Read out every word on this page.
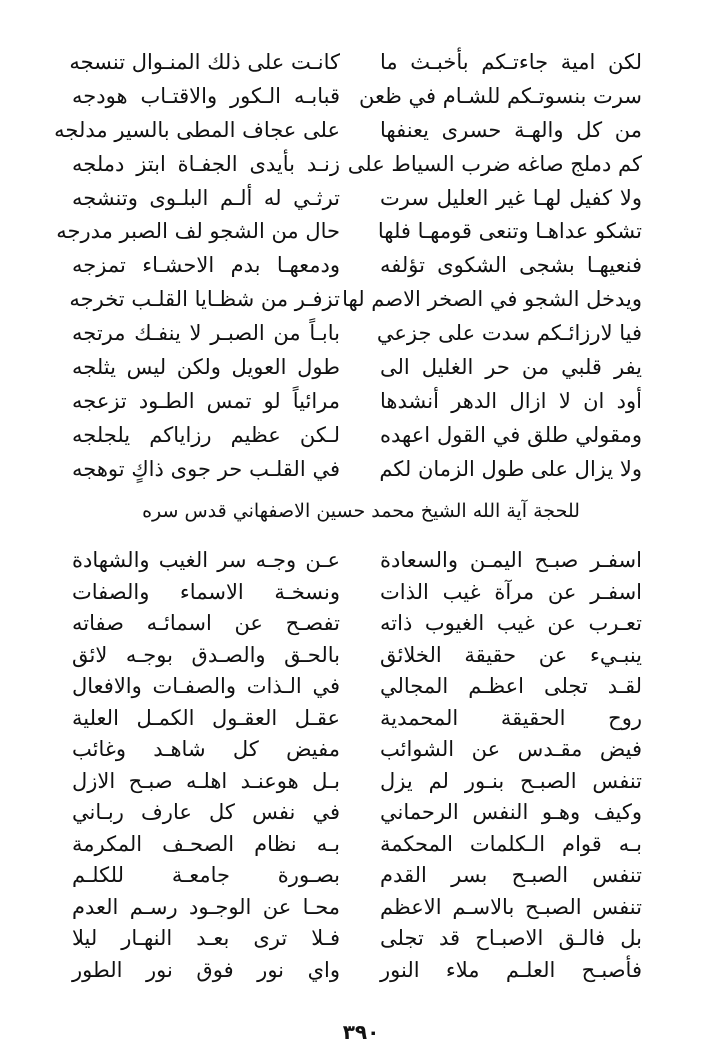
لكن امية جاءتـكم بأخبـث ما
سرت بنسوتـكم للشـام في ظعن
من كل والهـة حسرى يعنفها
كم دملج صاغه ضرب السياط على
ولا كفيل لهـا غير العليل سرت
تشكو عداهـا وتنعى قومهـا فلها
فنعيهـا بشجى الشكوى تؤلفه
ويدخل الشجو في الصخر الاصم لها
فيا لارزائـكم سدت على جزعي
يفر قلبي من حر الغليل الى
أود ان لا ازال الدهر أنشدها
ومقولي طلق في القول اعهده
ولا يزال على طول الزمان لكم
كانـت على ذلك المنـوال تنسجه
قبابـه الـكور والاقتـاب هودجه
على عجاف المطى بالسير مدلجه
زنـد بأيدى الجفـاة ابتز دملجه
ترثـي له ألـم البلـوى وتنشجه
حال من الشجو لف الصبر مدرجه
ودمعهـا بدم الاحشـاء تمزجه
تزفـر من شظـايا القلـب تخرجه
بابـاً من الصبـر لا ينفـك مرتجه
طول العويل ولكن ليس يثلجه
مرائياً لو تمس الطـود تزعجه
لـكن عظيم رزاياكم يلجلجه
في القلـب حر جوى ذاكٍ توهجه
للحجة آية الله الشيخ محمد حسين الاصفهاني قدس سره
اسفـر صبـح اليمـن والسعادة
اسفـر عن مرآة غيب الذات
تعـرب عن غيب الغيوب ذاته
ينبـيء عن حقيقة الخلائق
لقـد تجلى اعظـم المجالي
روح الحقيقة المحمدية
فيض مقـدس عن الشوائب
تنفس الصبـح بنـور لم يزل
وكيف وهـو النفس الرحماني
بـه قوام الـكلمات المحكمة
تنفس الصبـح بسر القدم
تنفس الصبـح بالاسـم الاعظم
بل فالـق الاصبـاح قد تجلى
فأصبـح العلـم ملاء النور
عـن وجـه سر الغيب والشهادة
ونسخـة الاسماء والصفات
تفصـح عن اسمائـه صفاته
بالحـق والصـدق بوجـه لائق
في الـذات والصفـات والافعال
عقـل العقـول الكمـل العلية
مفيض كل شاهـد وغائب
بـل هوعنـد اهلـه صبـح الازل
في نفس كل عارف ربـاني
بـه نظام الصحـف المكرمة
بصـورة جامعـة للكلـم
محـا عن الوجـود رسـم العدم
فـلا ترى بعـد النهـار ليلا
واي نور فوق نور الطور
٣٩٠
